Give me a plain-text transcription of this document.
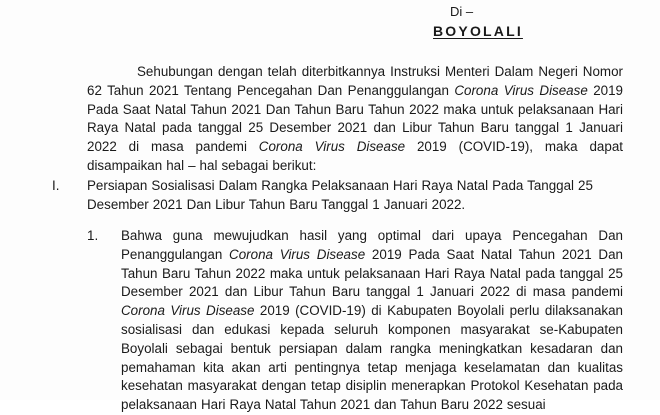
Di –
BOYOLALI

Sehubungan dengan telah diterbitkannya Instruksi Menteri Dalam Negeri Nomor 62 Tahun 2021 Tentang Pencegahan Dan Penanggulangan Corona Virus Disease 2019 Pada Saat Natal Tahun 2021 Dan Tahun Baru Tahun 2022 maka untuk pelaksanaan Hari Raya Natal pada tanggal 25 Desember 2021 dan Libur Tahun Baru tanggal 1 Januari 2022 di masa pandemi Corona Virus Disease 2019 (COVID-19), maka dapat disampaikan hal – hal sebagai berikut:

I. Persiapan Sosialisasi Dalam Rangka Pelaksanaan Hari Raya Natal Pada Tanggal 25 Desember 2021 Dan Libur Tahun Baru Tanggal 1 Januari 2022.

1. Bahwa guna mewujudkan hasil yang optimal dari upaya Pencegahan Dan Penanggulangan Corona Virus Disease 2019 Pada Saat Natal Tahun 2021 Dan Tahun Baru Tahun 2022 maka untuk pelaksanaan Hari Raya Natal pada tanggal 25 Desember 2021 dan Libur Tahun Baru tanggal 1 Januari 2022 di masa pandemi Corona Virus Disease 2019 (COVID-19) di Kabupaten Boyolali perlu dilaksanakan sosialisasi dan edukasi kepada seluruh komponen masyarakat se-Kabupaten Boyolali sebagai bentuk persiapan dalam rangka meningkatkan kesadaran dan pemahaman kita akan arti pentingnya tetap menjaga keselamatan dan kualitas kesehatan masyarakat dengan tetap disiplin menerapkan Protokol Kesehatan pada pelaksanaan Hari Raya Natal Tahun 2021 dan Tahun Baru 2022 sesuai
